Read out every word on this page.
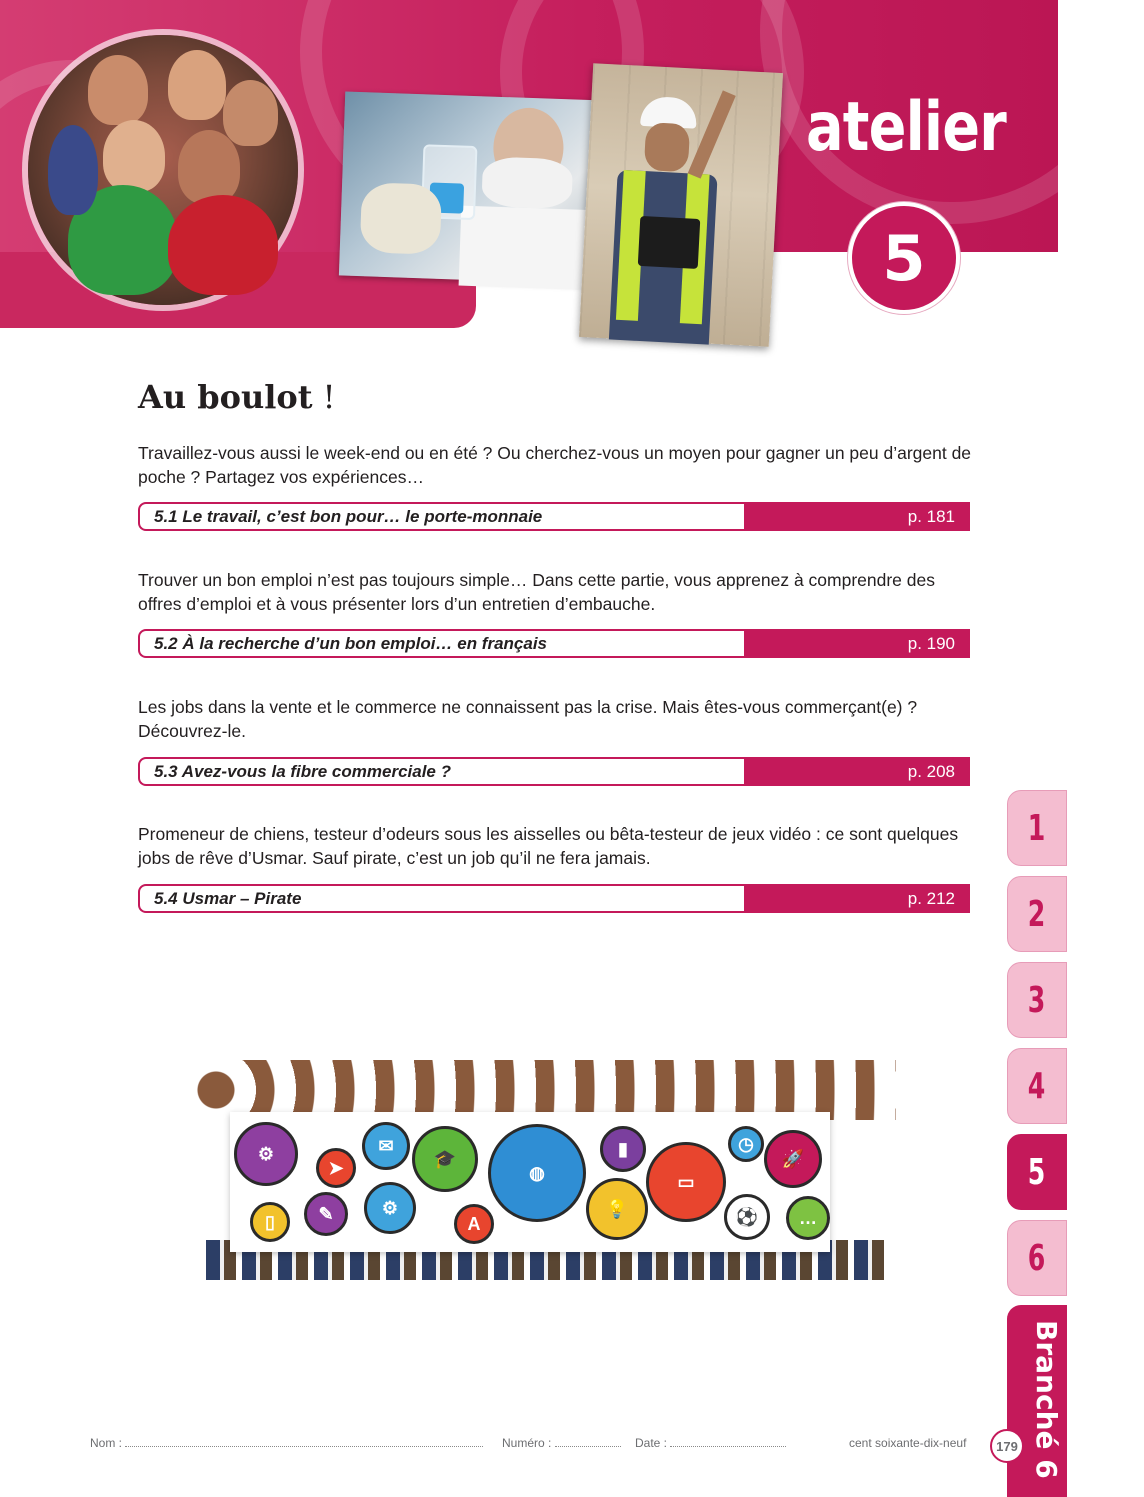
atelier
5
Au boulot !

Travaillez-vous aussi le week-end ou en été ? Ou cherchez-vous un moyen pour gagner un peu d’argent de poche ? Partagez vos expériences…

5.1 Le travail, c’est bon pour… le porte-monnaie	p. 181

Trouver un bon emploi n’est pas toujours simple… Dans cette partie, vous apprenez à comprendre des offres d’emploi et à vous présenter lors d’un entretien d’embauche.

5.2 À la recherche d’un bon emploi… en français	p. 190

Les jobs dans la vente et le commerce ne connaissent pas la crise. Mais êtes-vous commerçant(e) ? Découvrez-le.

5.3 Avez-vous la fibre commerciale ?	p. 208

Promeneur de chiens, testeur d’odeurs sous les aisselles ou bêta-testeur de jeux vidéo : ce sont quelques jobs de rêve d’Usmar. Sauf pirate, c’est un job qu’il ne fera jamais.

5.4 Usmar – Pirate	p. 212
⚙
➤
✉
🎓
◍
▮
▭
◷
🚀
▯	✎	⚙
A
💡	⚽	…
1
2
3
4
5
6
Branché 6
Nom :	Numéro :	Date :	cent soixante-dix-neuf	179
